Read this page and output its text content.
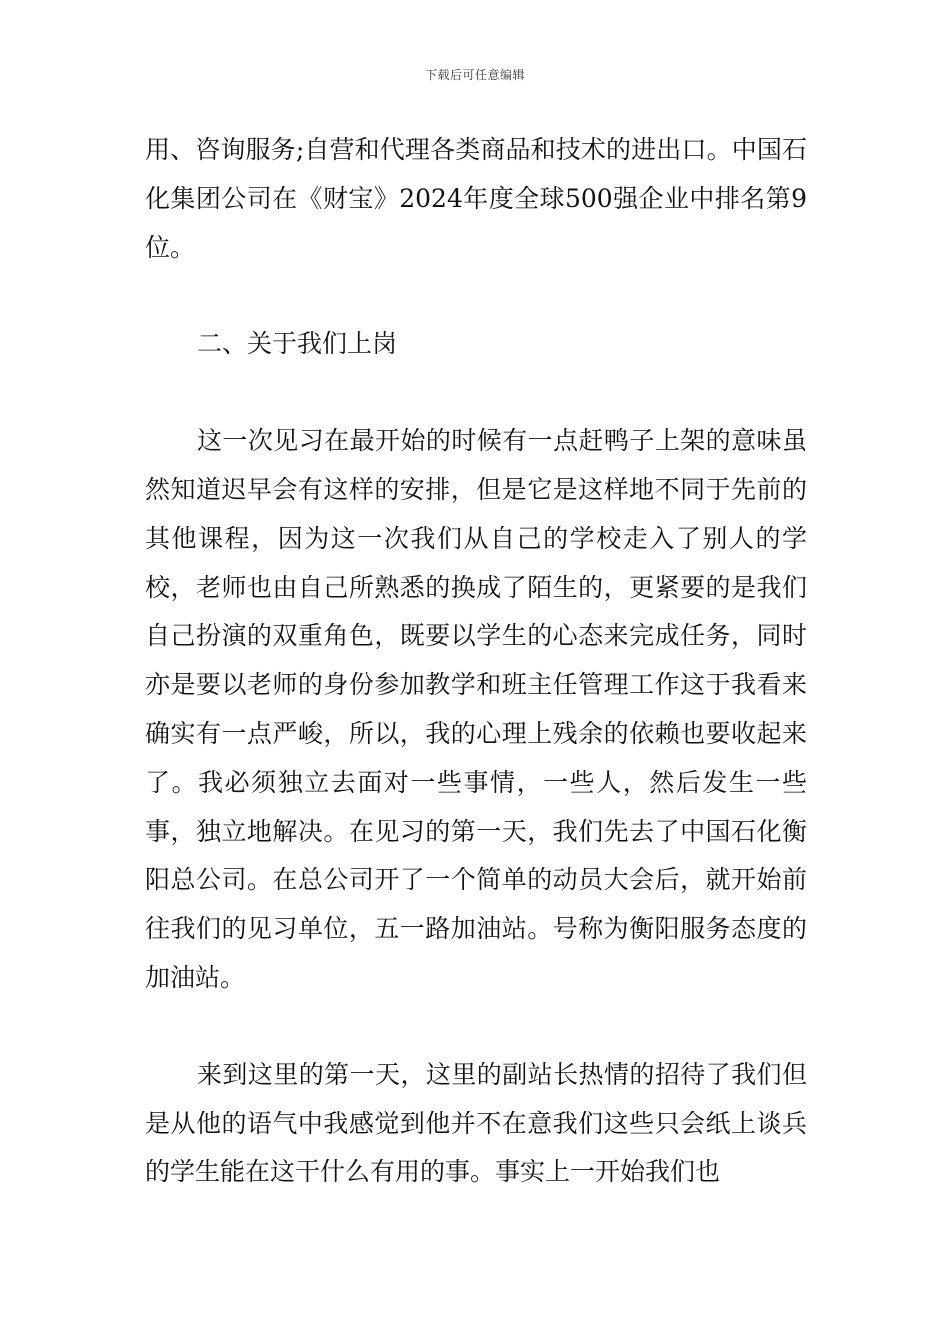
下载后可任意编辑

用、咨询服务;自营和代理各类商品和技术的进出口。中国石化集团公司在《财宝》2024年度全球500强企业中排名第9位。

二、关于我们上岗

这一次见习在最开始的时候有一点赶鸭子上架的意味虽然知道迟早会有这样的安排，但是它是这样地不同于先前的其他课程，因为这一次我们从自己的学校走入了别人的学校，老师也由自己所熟悉的换成了陌生的，更紧要的是我们自己扮演的双重角色，既要以学生的心态来完成任务，同时亦是要以老师的身份参加教学和班主任管理工作这于我看来确实有一点严峻，所以，我的心理上残余的依赖也要收起来了。我必须独立去面对一些事情，一些人，然后发生一些事，独立地解决。在见习的第一天，我们先去了中国石化衡阳总公司。在总公司开了一个简单的动员大会后，就开始前往我们的见习单位，五一路加油站。号称为衡阳服务态度的加油站。

来到这里的第一天，这里的副站长热情的招待了我们但是从他的语气中我感觉到他并不在意我们这些只会纸上谈兵的学生能在这干什么有用的事。事实上一开始我们也
